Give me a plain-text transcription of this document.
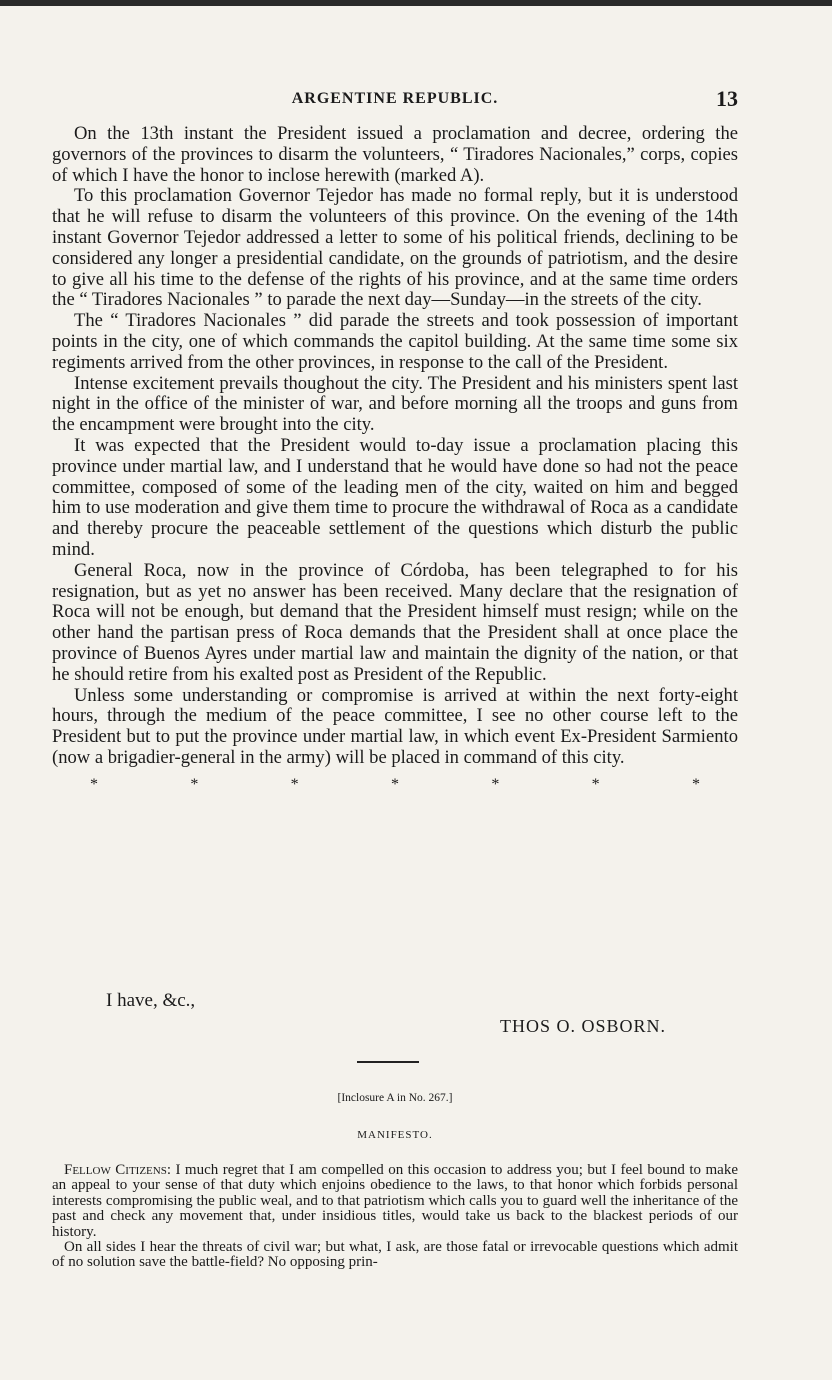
ARGENTINE REPUBLIC.	13

On the 13th instant the President issued a proclamation and decree, ordering the governors of the provinces to disarm the volunteers, “ Tiradores Nacionales,” corps, copies of which I have the honor to inclose herewith (marked A).

To this proclamation Governor Tejedor has made no formal reply, but it is understood that he will refuse to disarm the volunteers of this province. On the evening of the 14th instant Governor Tejedor addressed a letter to some of his political friends, declining to be considered any longer a presidential candidate, on the grounds of patriotism, and the desire to give all his time to the defense of the rights of his province, and at the same time orders the “ Tiradores Nacionales ” to parade the next day—Sunday—in the streets of the city.

The “ Tiradores Nacionales ” did parade the streets and took possession of important points in the city, one of which commands the capitol building. At the same time some six regiments arrived from the other provinces, in response to the call of the President.

Intense excitement prevails thoughout the city. The President and his ministers spent last night in the office of the minister of war, and before morning all the troops and guns from the encampment were brought into the city.

It was expected that the President would to-day issue a proclamation placing this province under martial law, and I understand that he would have done so had not the peace committee, composed of some of the leading men of the city, waited on him and begged him to use moderation and give them time to procure the withdrawal of Roca as a candidate and thereby procure the peaceable settlement of the questions which disturb the public mind.

General Roca, now in the province of Córdoba, has been telegraphed to for his resignation, but as yet no answer has been received. Many declare that the resignation of Roca will not be enough, but demand that the President himself must resign; while on the other hand the partisan press of Roca demands that the President shall at once place the province of Buenos Ayres under martial law and maintain the dignity of the nation, or that he should retire from his exalted post as President of the Republic.

Unless some understanding or compromise is arrived at within the next forty-eight hours, through the medium of the peace committee, I see no other course left to the President but to put the province under martial law, in which event Ex-President Sarmiento (now a brigadier-general in the army) will be placed in command of this city.

*	*	*	*	*	*	*
I have, &c.,
THOS O. OSBORN.
[Inclosure A in No. 267.]
MANIFESTO.

Fellow Citizens: I much regret that I am compelled on this occasion to address you; but I feel bound to make an appeal to your sense of that duty which enjoins obedience to the laws, to that honor which forbids personal interests compromising the public weal, and to that patriotism which calls you to guard well the inheritance of the past and check any movement that, under insidious titles, would take us back to the blackest periods of our history.

On all sides I hear the threats of civil war; but what, I ask, are those fatal or irrevocable questions which admit of no solution save the battle-field? No opposing prin-
